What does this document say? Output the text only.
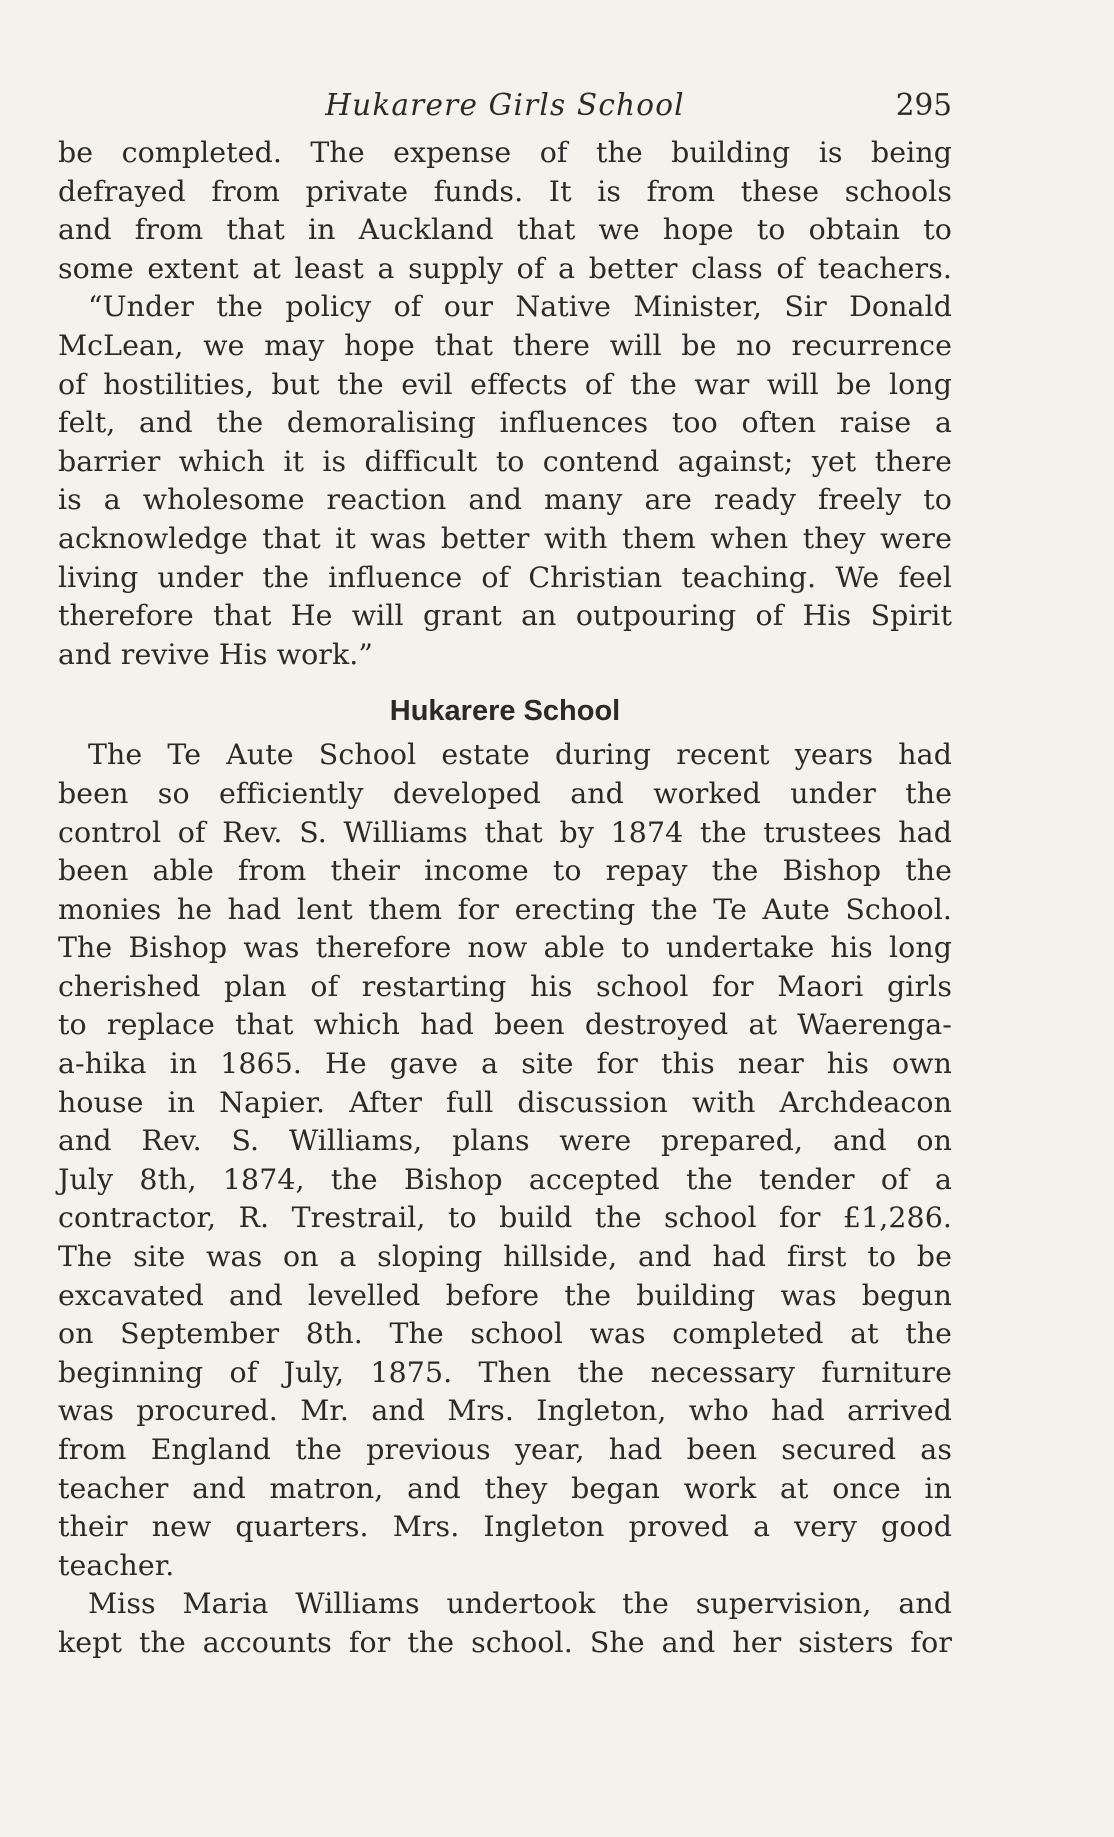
Hukarere Girls School	295

be completed. The expense of the building is being

defrayed from private funds. It is from these schools

and from that in Auckland that we hope to obtain to

some extent at least a supply of a better class of teachers.

“Under the policy of our Native Minister, Sir Donald

McLean, we may hope that there will be no recurrence

of hostilities, but the evil effects of the war will be long

felt, and the demoralising influences too often raise a

barrier which it is difficult to contend against; yet there

is a wholesome reaction and many are ready freely to

acknowledge that it was better with them when they were

living under the influence of Christian teaching. We feel

therefore that He will grant an outpouring of His Spirit

and revive His work.”

Hukarere School

The Te Aute School estate during recent years had

been so efficiently developed and worked under the

control of Rev. S. Williams that by 1874 the trustees had

been able from their income to repay the Bishop the

monies he had lent them for erecting the Te Aute School.

The Bishop was therefore now able to undertake his long

cherished plan of restarting his school for Maori girls

to replace that which had been destroyed at Waerenga-

a-hika in 1865. He gave a site for this near his own

house in Napier. After full discussion with Archdeacon

and Rev. S. Williams, plans were prepared, and on

July 8th, 1874, the Bishop accepted the tender of a

contractor, R. Trestrail, to build the school for £1,286.

The site was on a sloping hillside, and had first to be

excavated and levelled before the building was begun

on September 8th. The school was completed at the

beginning of July, 1875. Then the necessary furniture

was procured. Mr. and Mrs. Ingleton, who had arrived

from England the previous year, had been secured as

teacher and matron, and they began work at once in

their new quarters. Mrs. Ingleton proved a very good

teacher.

Miss Maria Williams undertook the supervision, and

kept the accounts for the school. She and her sisters for
